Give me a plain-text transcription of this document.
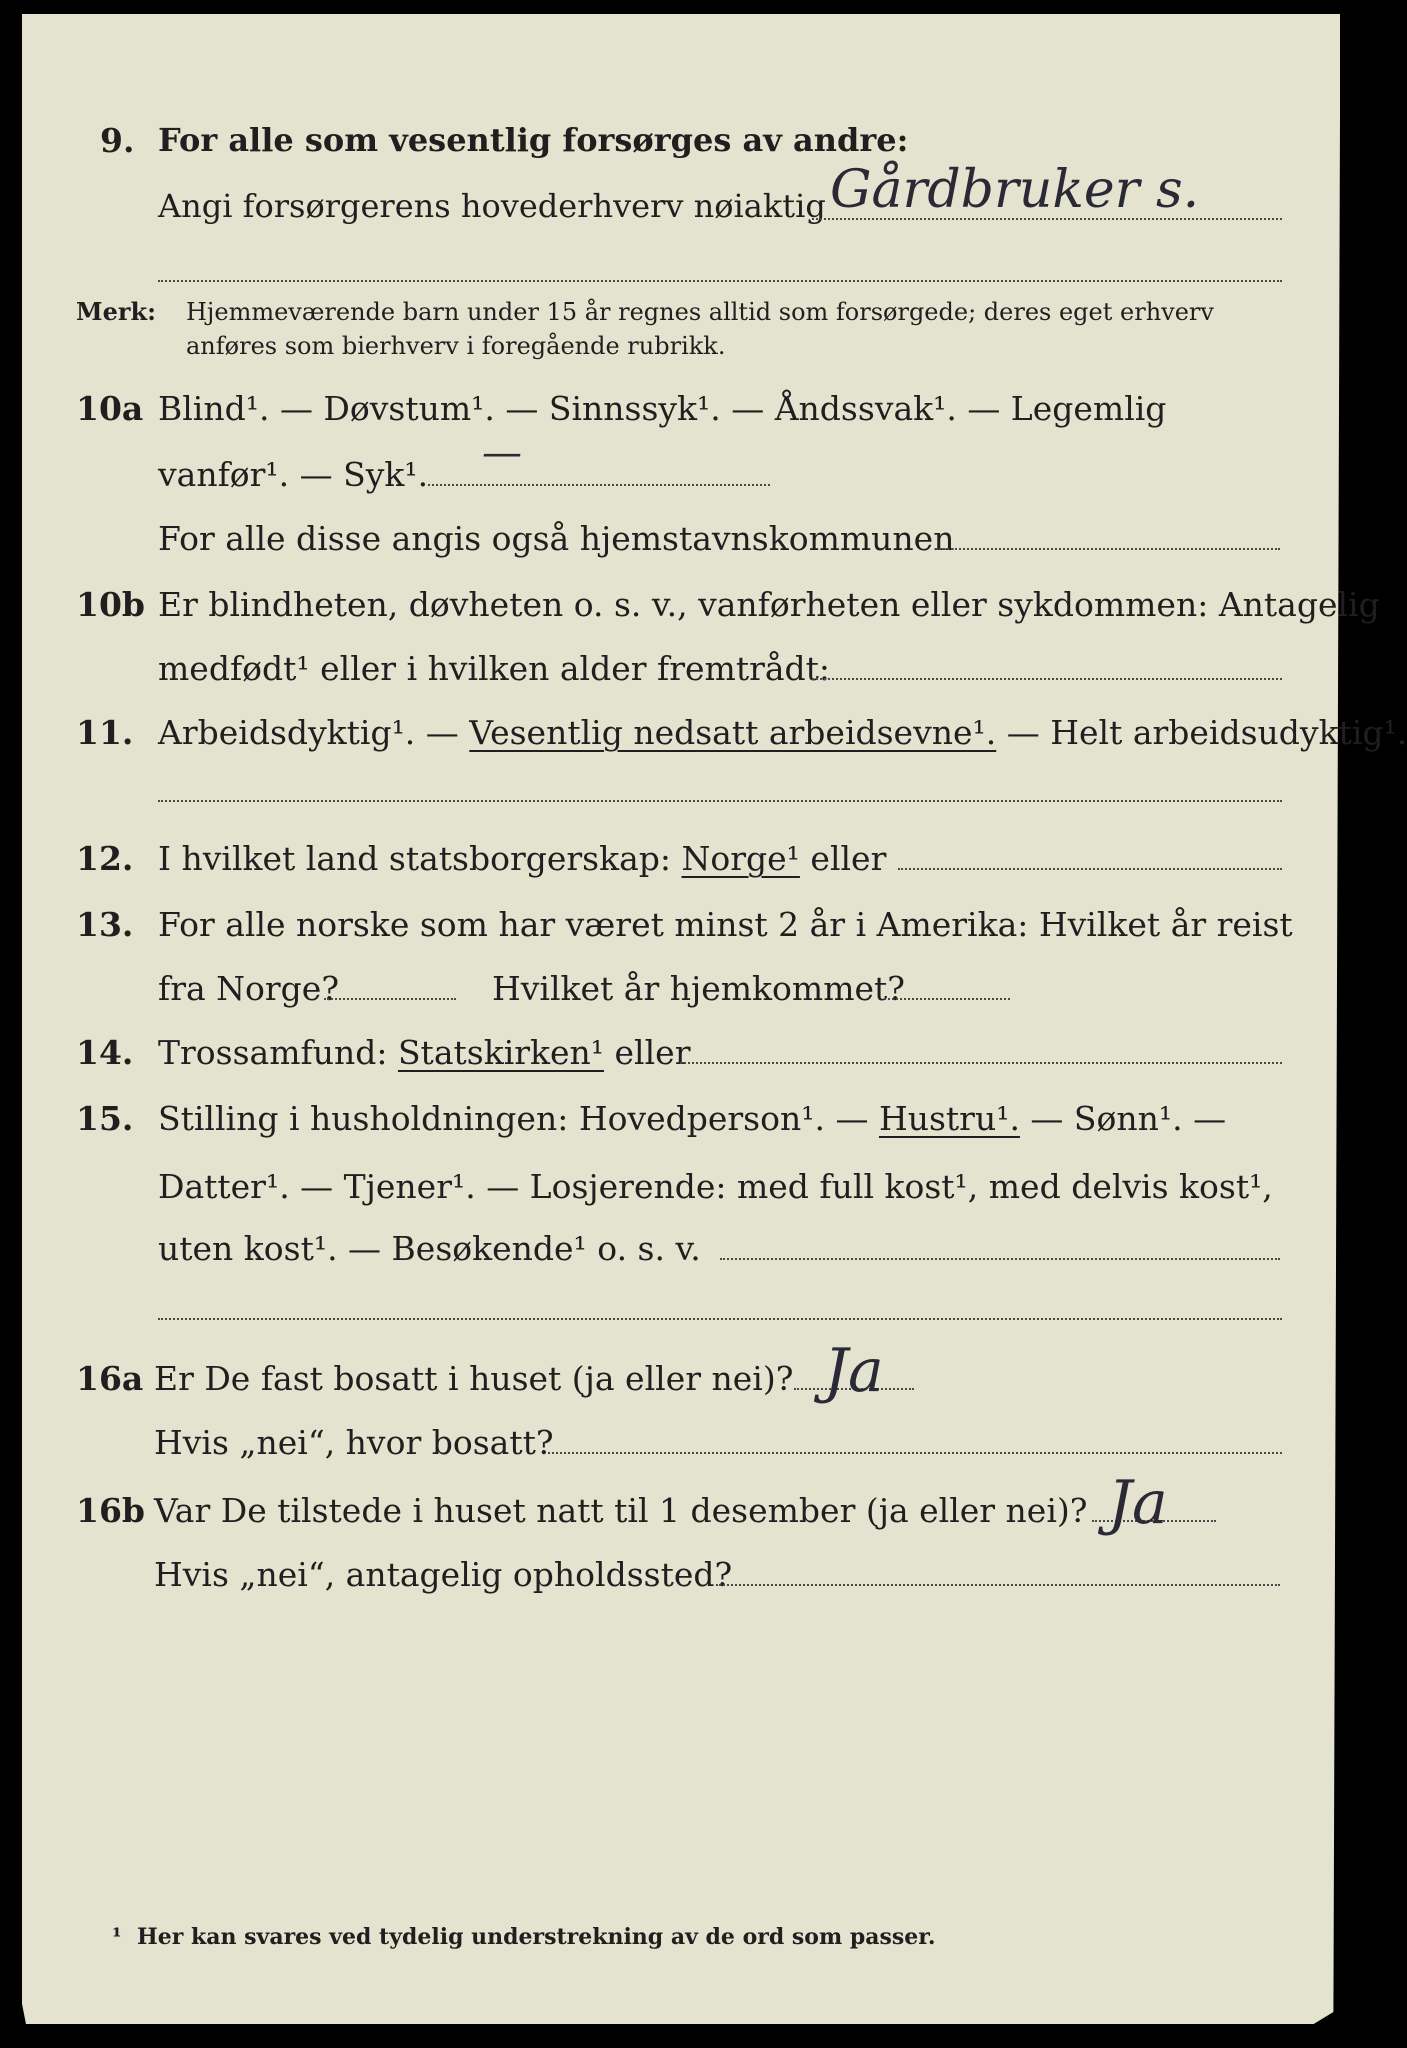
9. For alle som vesentlig forsørges av andre:
Angi forsørgerens hovederhverv nøiaktig Gårdbruker s.
Merk: Hjemmeværende barn under 15 år regnes alltid som forsørgede; deres eget erhverv
anføres som bierhverv i foregående rubrikk.
10a Blind¹. — Døvstum¹. — Sinnssyk¹. — Åndssvak¹. — Legemlig
vanfør¹. — Syk¹. —
For alle disse angis også hjemstavnskommunen
10b Er blindheten, døvheten o. s. v., vanførheten eller sykdommen: Antagelig
medfødt¹ eller i hvilken alder fremtrådt:
11. Arbeidsdyktig¹. — Vesentlig nedsatt arbeidsevne¹. — Helt arbeidsudyktig¹.
12. I hvilket land statsborgerskap: Norge¹ eller
13. For alle norske som har været minst 2 år i Amerika: Hvilket år reist
fra Norge?	Hvilket år hjemkommet?
14. Trossamfund: Statskirken¹ eller
15. Stilling i husholdningen: Hovedperson¹. — Hustru¹. — Sønn¹. —
Datter¹. — Tjener¹. — Losjerende: med full kost¹, med delvis kost¹,
uten kost¹. — Besøkende¹ o. s. v.
16a Er De fast bosatt i huset (ja eller nei)? Ja
Hvis „nei“, hvor bosatt?
16b Var De tilstede i huset natt til 1 desember (ja eller nei)? Ja
Hvis „nei“, antagelig opholdssted?
¹ Her kan svares ved tydelig understrekning av de ord som passer.
